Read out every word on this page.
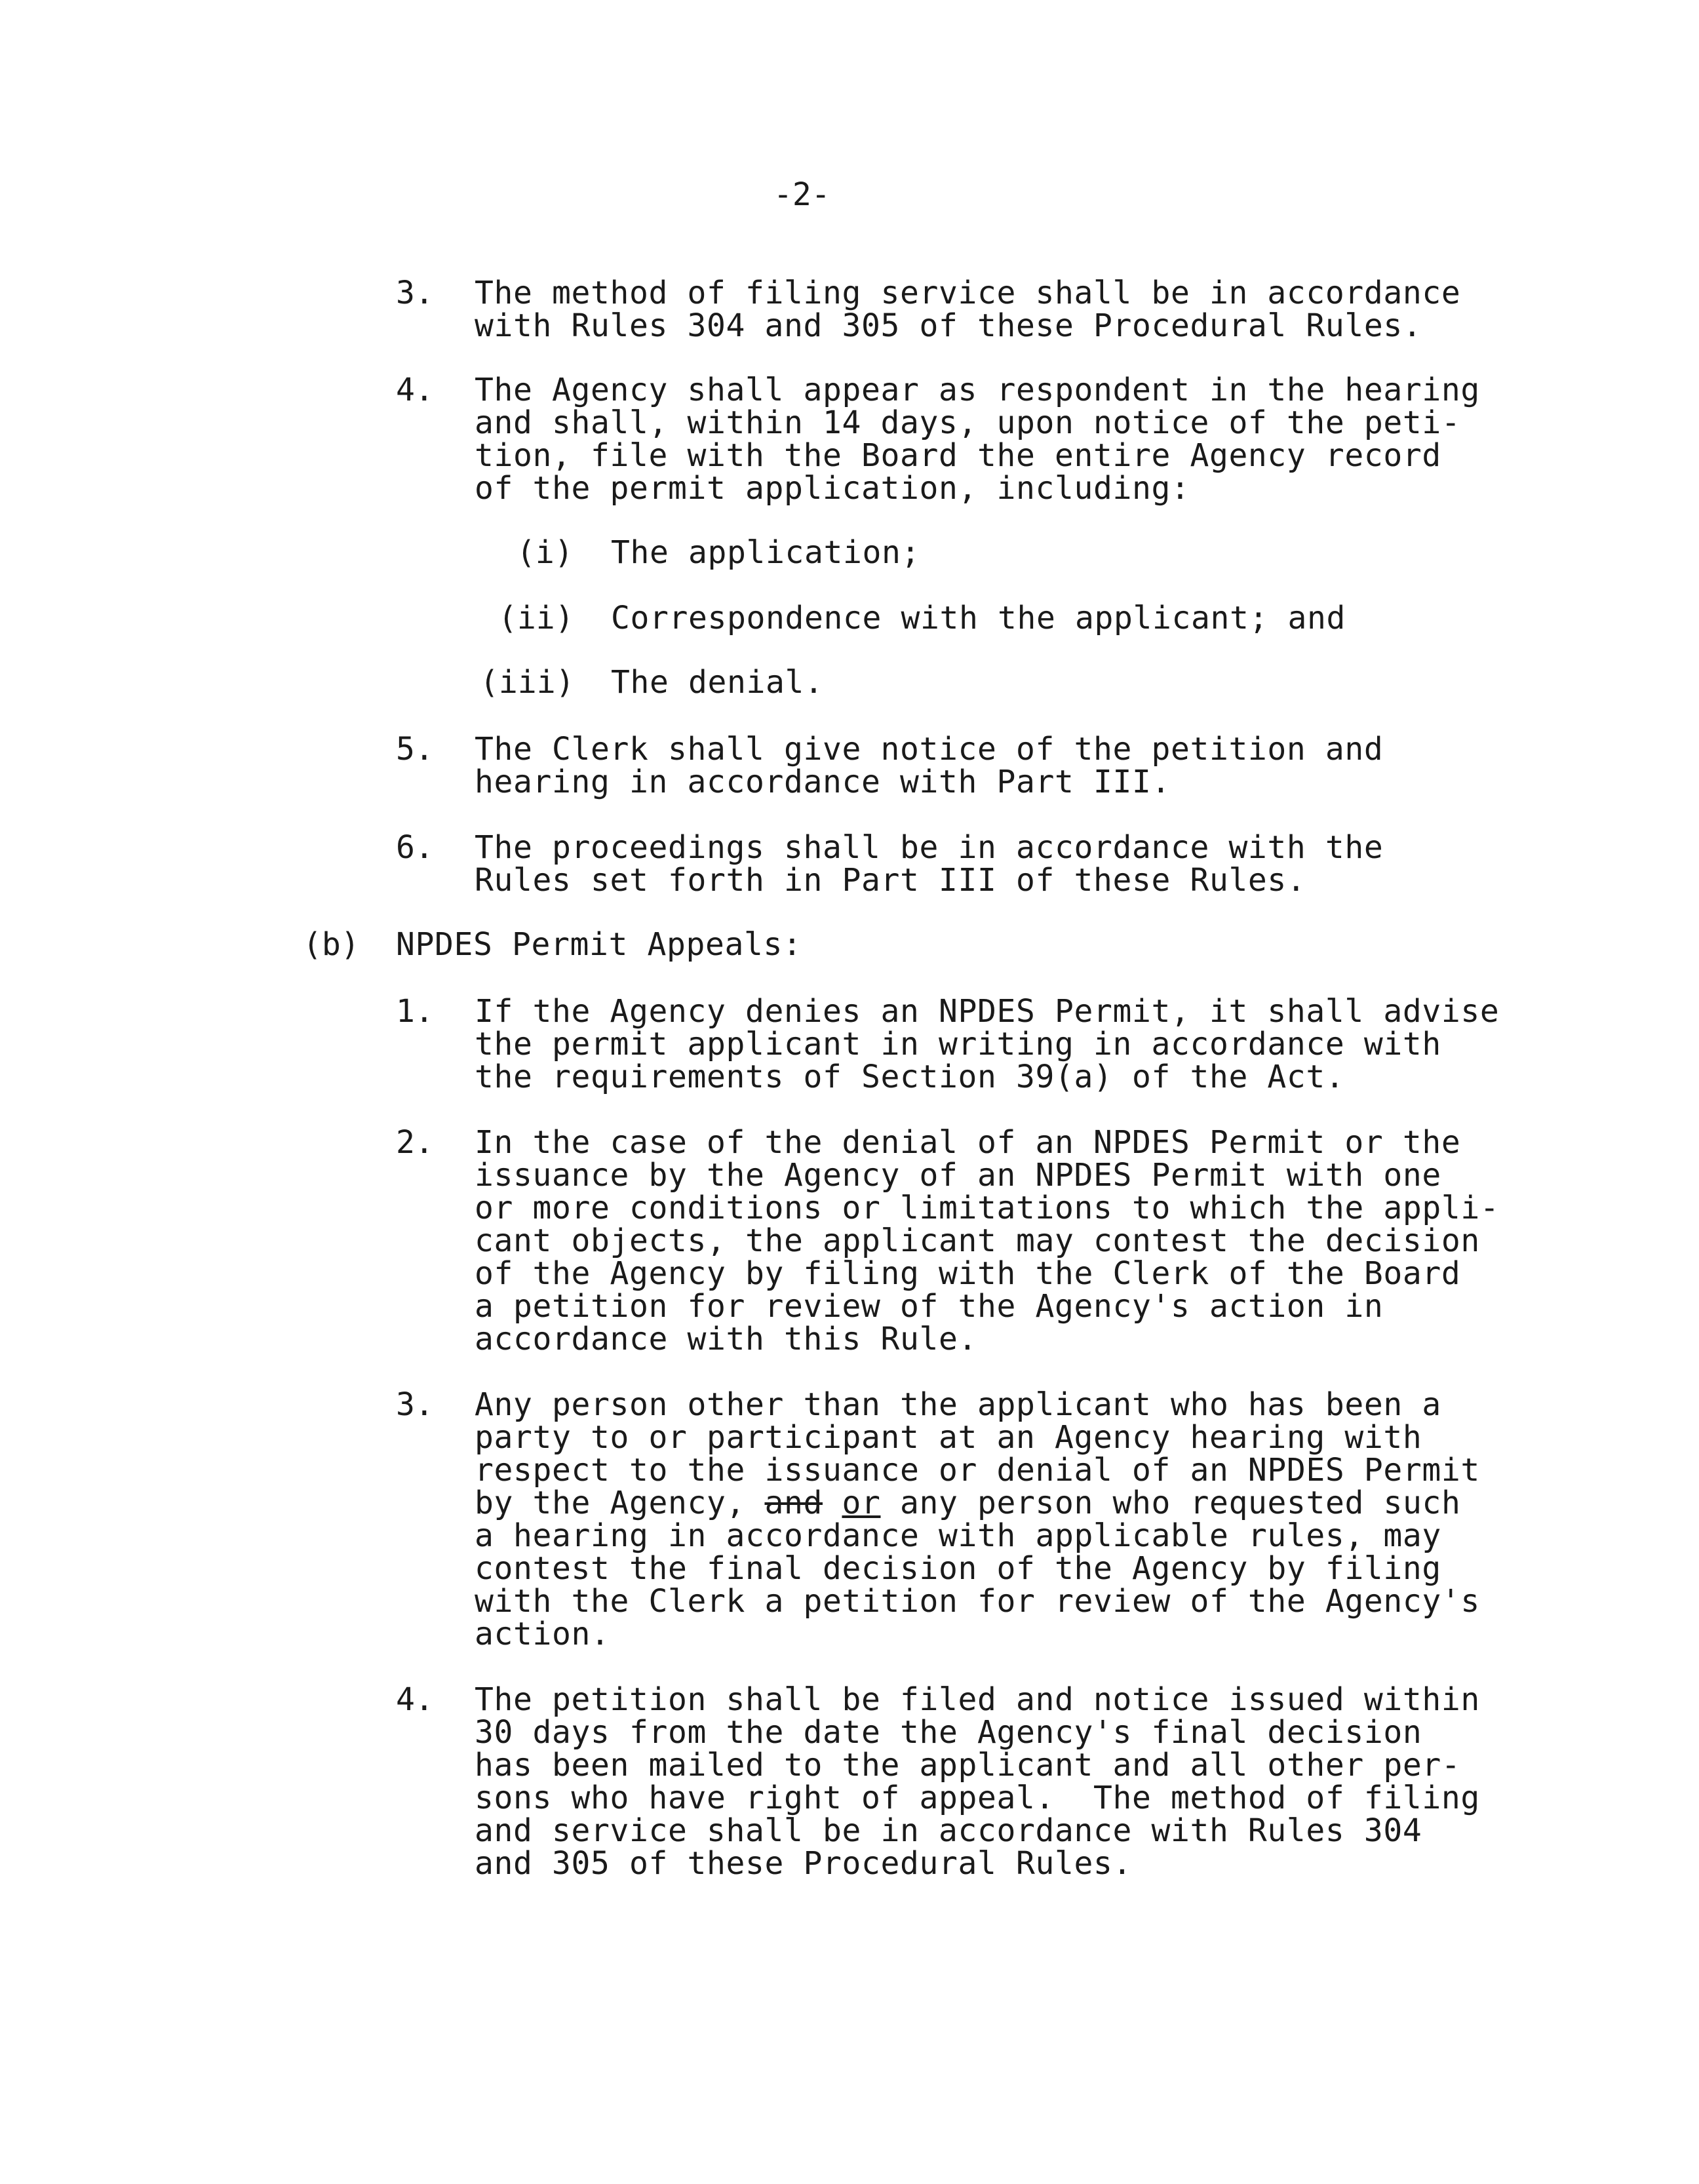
-2-
3. The method of filing service shall be in accordance
with Rules 304 and 305 of these Procedural Rules.
4. The Agency shall appear as respondent in the hearing
and shall, within 14 days, upon notice of the peti-
tion, file with the Board the entire Agency record
of the permit application, including:
(i) The application;
(ii) Correspondence with the applicant; and
(iii) The denial.
5. The Clerk shall give notice of the petition and
hearing in accordance with Part III.
6. The proceedings shall be in accordance with the
Rules set forth in Part III of these Rules.
(b) NPDES Permit Appeals:
1. If the Agency denies an NPDES Permit, it shall advise
the permit applicant in writing in accordance with
the requirements of Section 39(a) of the Act.
2. In the case of the denial of an NPDES Permit or the
issuance by the Agency of an NPDES Permit with one
or more conditions or limitations to which the appli-
cant objects, the applicant may contest the decision
of the Agency by filing with the Clerk of the Board
a petition for review of the Agency's action in
accordance with this Rule.
3. Any person other than the applicant who has been a
party to or participant at an Agency hearing with
respect to the issuance or denial of an NPDES Permit
by the Agency, and or any person who requested such
a hearing in accordance with applicable rules, may
contest the final decision of the Agency by filing
with the Clerk a petition for review of the Agency's
action.
4. The petition shall be filed and notice issued within
30 days from the date the Agency's final decision
has been mailed to the applicant and all other per-
sons who have right of appeal.  The method of filing
and service shall be in accordance with Rules 304
and 305 of these Procedural Rules.
